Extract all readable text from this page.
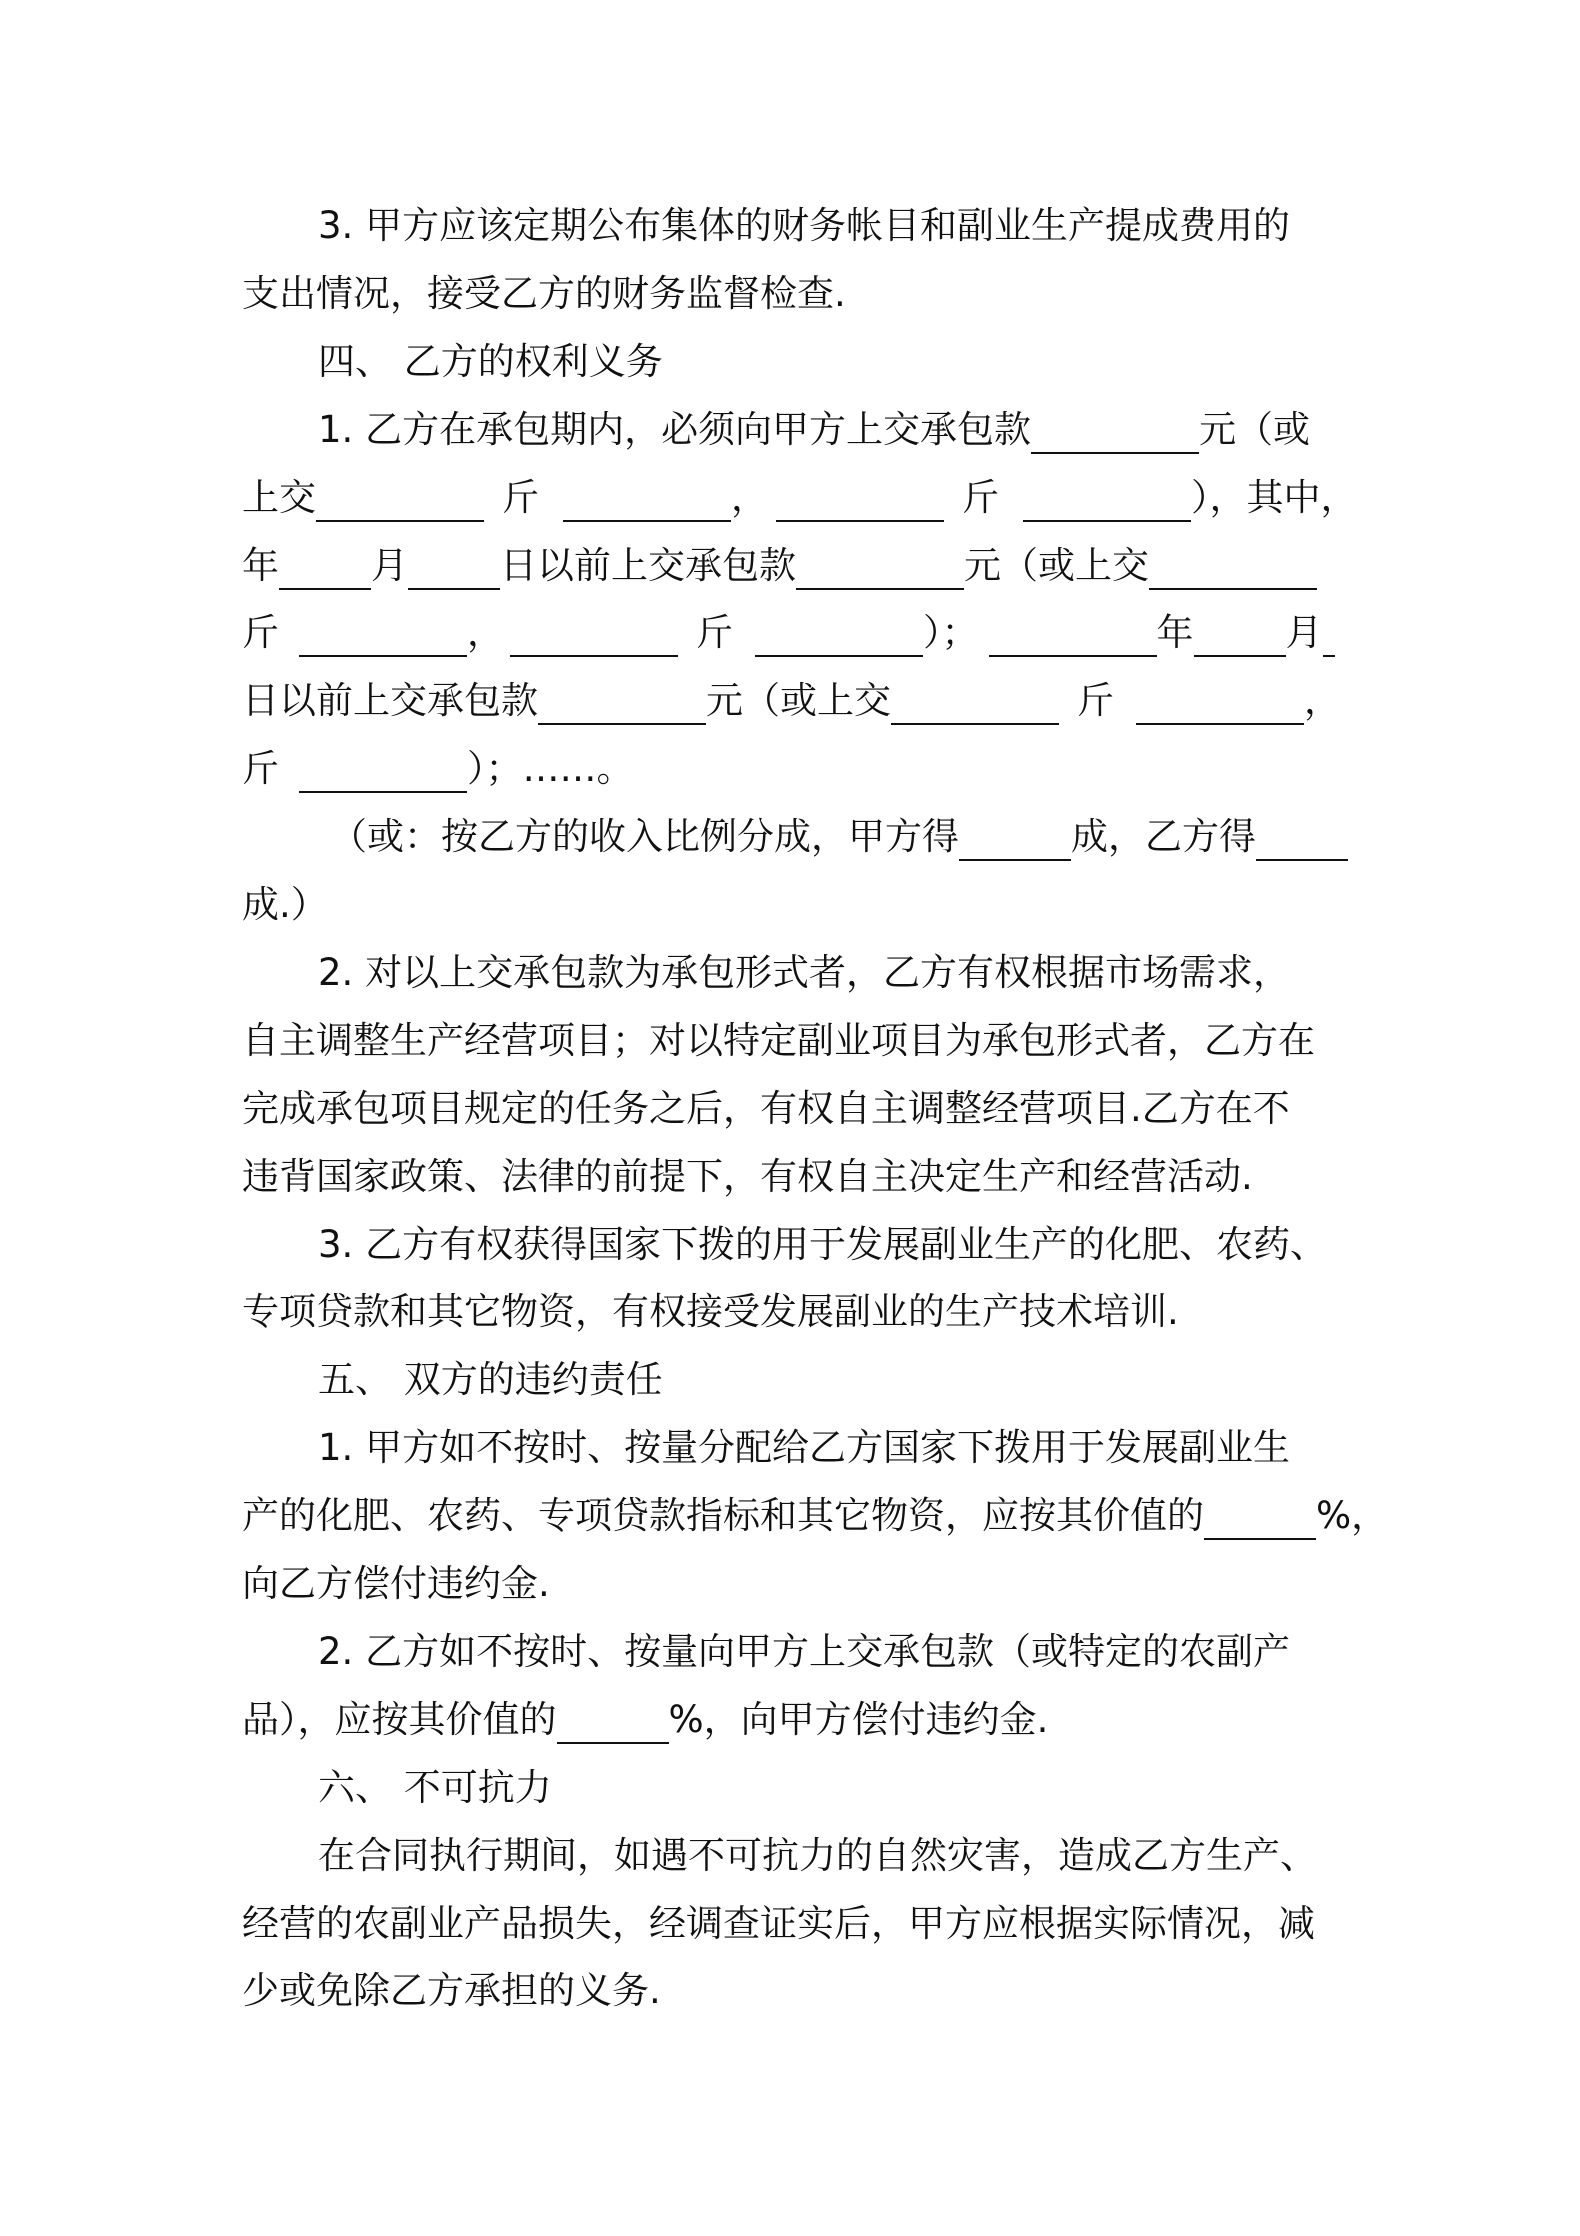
3. 甲方应该定期公布集体的财务帐目和副业生产提成费用的
支出情况，接受乙方的财务监督检查.
四、 乙方的权利义务
1. 乙方在承包期内，必须向甲方上交承包款	元（或
上交	斤	，	斤	），其中，
年 月 日以前上交承包款	元（或上交
斤	，	斤	）；	年 月
日以前上交承包款	元（或上交	斤	，
斤	）；……。
（或：按乙方的收入比例分成，甲方得	成，乙方得
成.）
2. 对以上交承包款为承包形式者，乙方有权根据市场需求，
自主调整生产经营项目；对以特定副业项目为承包形式者，乙方在
完成承包项目规定的任务之后，有权自主调整经营项目.乙方在不
违背国家政策、法律的前提下，有权自主决定生产和经营活动.
3. 乙方有权获得国家下拨的用于发展副业生产的化肥、农药、
专项贷款和其它物资，有权接受发展副业的生产技术培训.
五、 双方的违约责任
1. 甲方如不按时、按量分配给乙方国家下拨用于发展副业生
产的化肥、农药、专项贷款指标和其它物资，应按其价值的	%，
向乙方偿付违约金.
2. 乙方如不按时、按量向甲方上交承包款（或特定的农副产
品），应按其价值的	%，向甲方偿付违约金.
六、 不可抗力
在合同执行期间，如遇不可抗力的自然灾害，造成乙方生产、
经营的农副业产品损失，经调查证实后，甲方应根据实际情况，减
少或免除乙方承担的义务.
